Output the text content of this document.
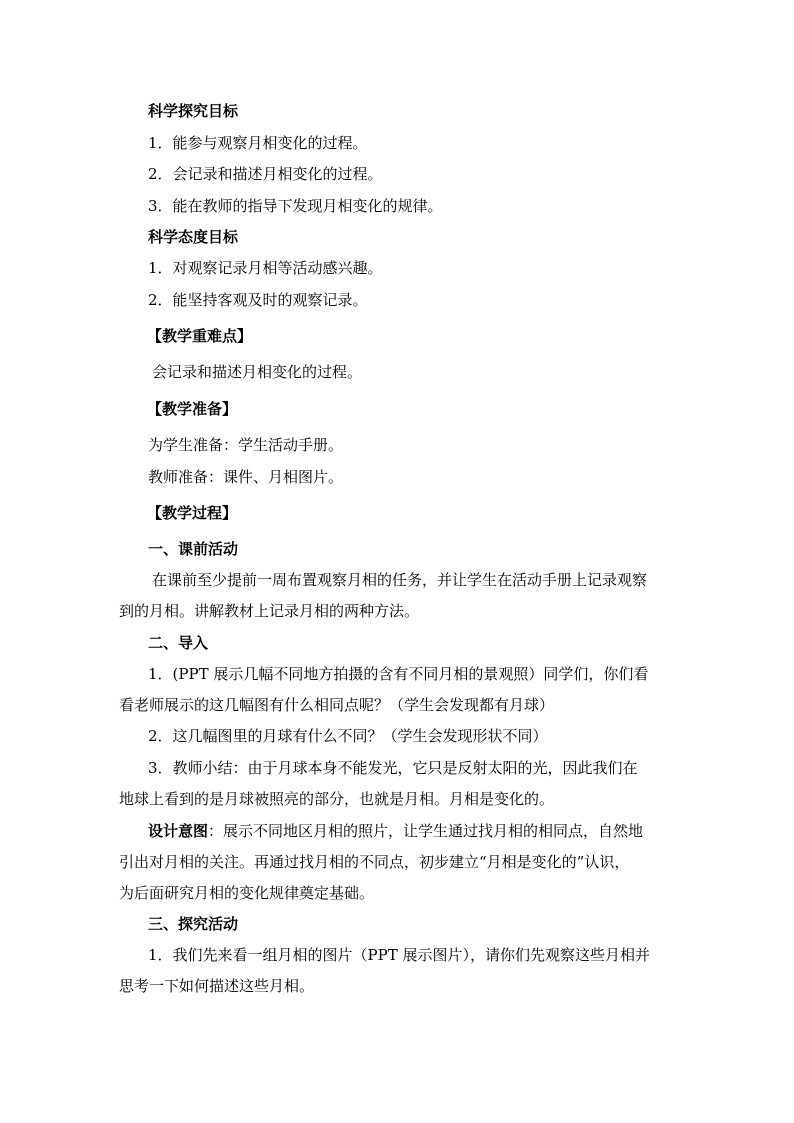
科学探究目标
1．能参与观察月相变化的过程。
2．会记录和描述月相变化的过程。
3．能在教师的指导下发现月相变化的规律。
科学态度目标
1．对观察记录月相等活动感兴趣。
2．能坚持客观及时的观察记录。
【教学重难点】
会记录和描述月相变化的过程。
【教学准备】
为学生准备：学生活动手册。
教师准备：课件、月相图片。
【教学过程】
一、课前活动
在课前至少提前一周布置观察月相的任务，并让学生在活动手册上记录观察
到的月相。讲解教材上记录月相的两种方法。
二、导入
1．(PPT 展示几幅不同地方拍摄的含有不同月相的景观照）同学们，你们看
看老师展示的这几幅图有什么相同点呢？（学生会发现都有月球）
2．这几幅图里的月球有什么不同？（学生会发现形状不同）
3．教师小结：由于月球本身不能发光，它只是反射太阳的光，因此我们在
地球上看到的是月球被照亮的部分，也就是月相。月相是变化的。
设计意图：展示不同地区月相的照片，让学生通过找月相的相同点，自然地
引出对月相的关注。再通过找月相的不同点，初步建立“月相是变化的”认识，
为后面研究月相的变化规律奠定基础。
三、探究活动
1．我们先来看一组月相的图片（PPT 展示图片），请你们先观察这些月相并
思考一下如何描述这些月相。
